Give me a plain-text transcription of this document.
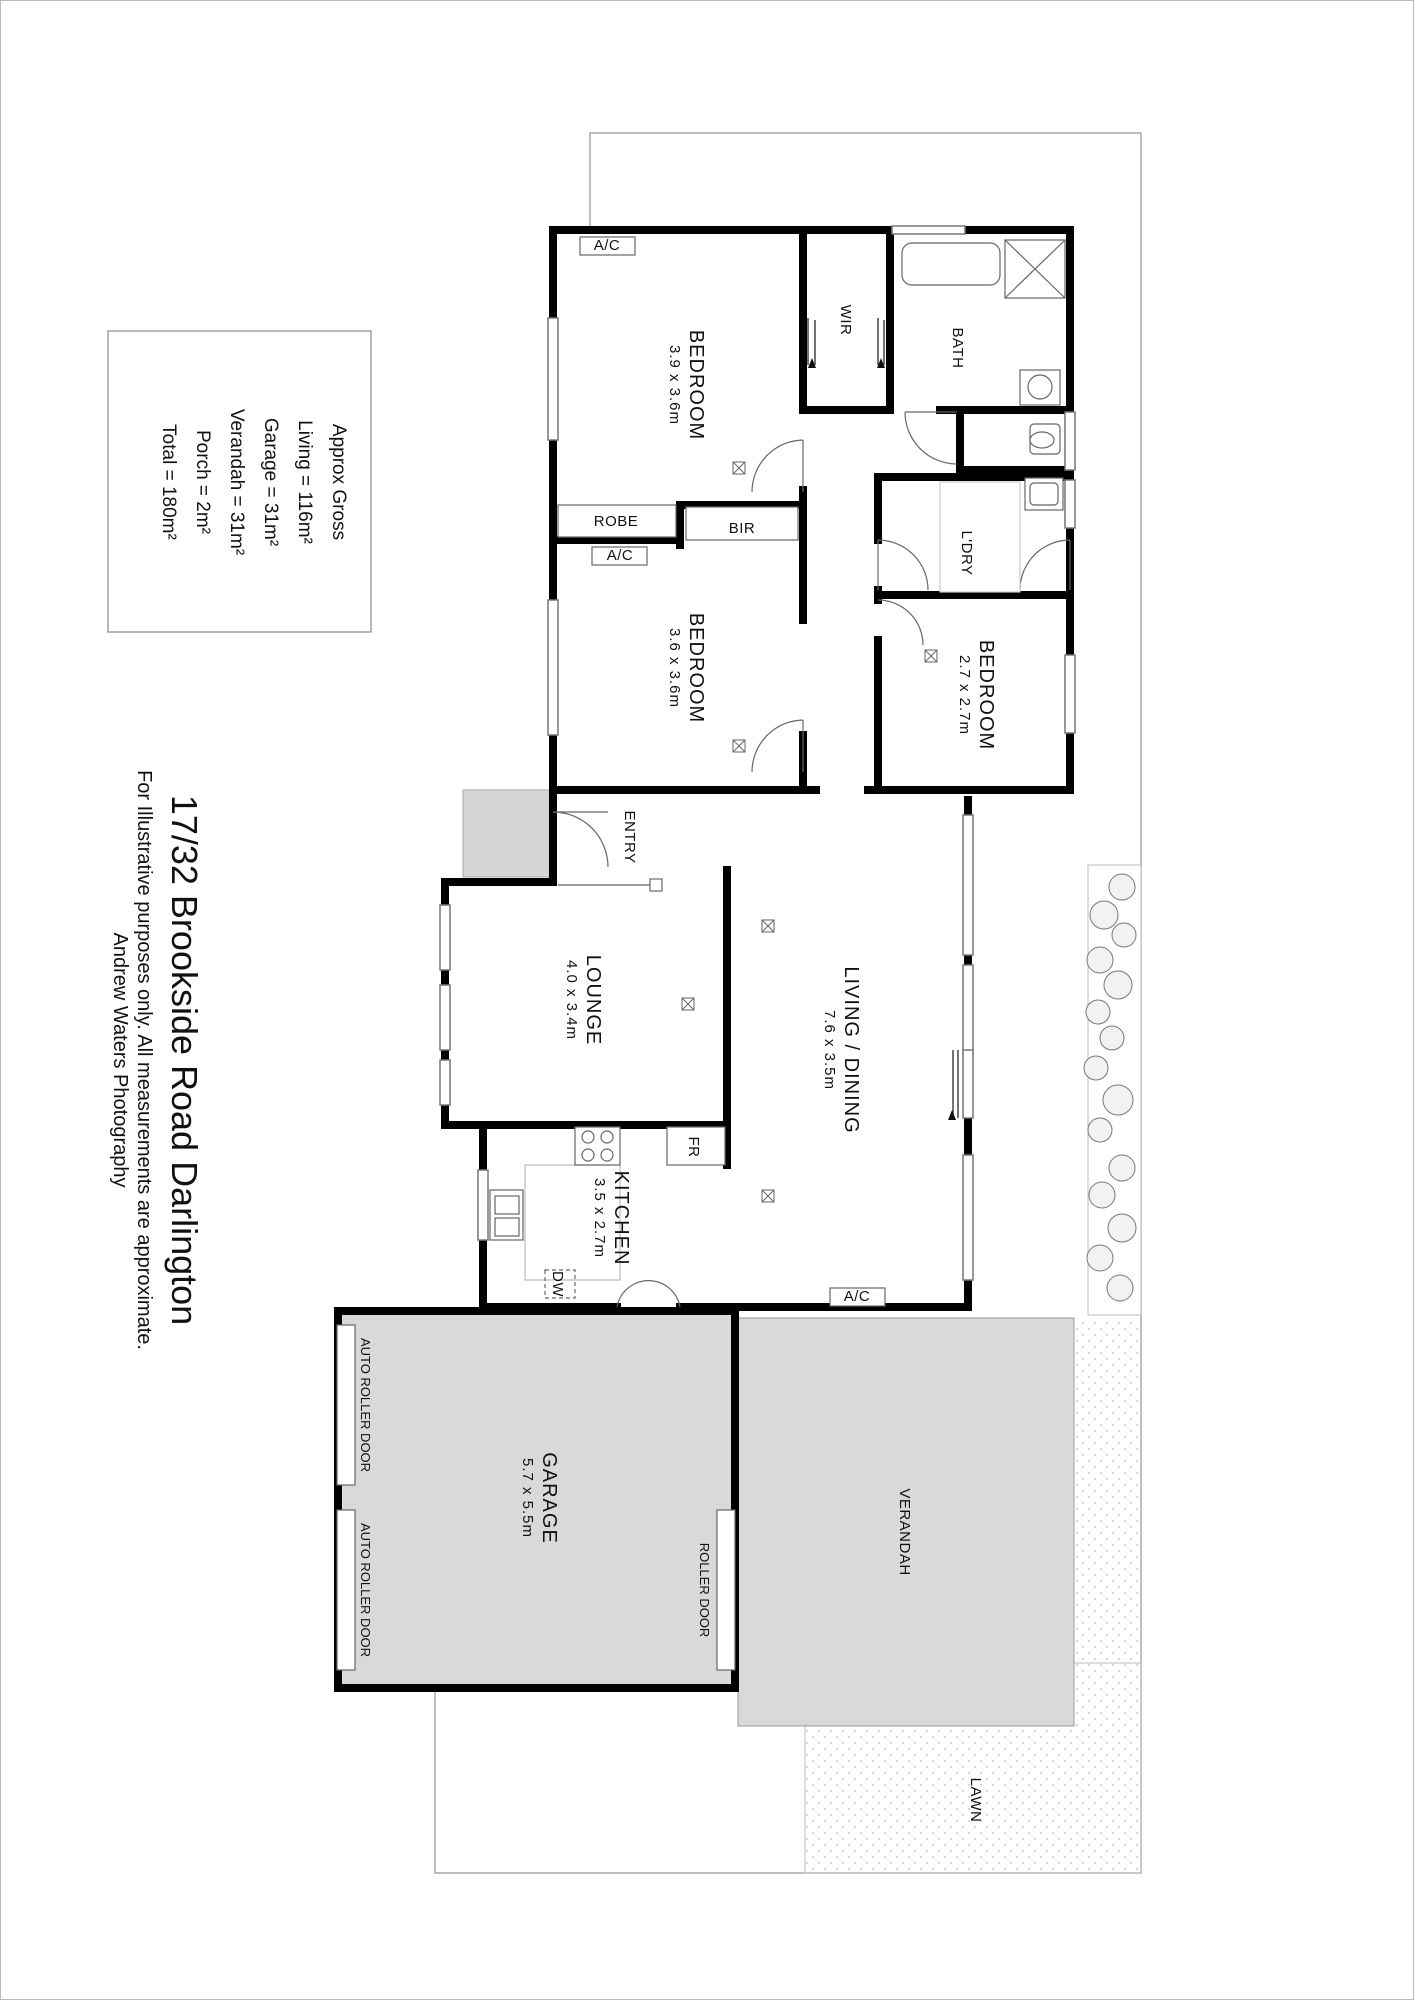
A/C
A/C
A/C
ROBE	BIR
BEDROOM
3.9 x 3.6m
BEDROOM
3.6 x 3.6m	BEDROOM
2.7 x 2.7m
LOUNGE
4.0 x 3.4m	LIVING / DINING
7.6 x 3.5m
KITCHEN
3.5 x 2.7m
GARAGE
5.7 x 5.5m	VERANDAH
LAWN
BATH
WIR
L'DRY
ENTRY
FR
DW
AUTO ROLLER DOOR
AUTO ROLLER DOOR	ROLLER DOOR
17/32 Brookside Road Darlington
For Illustrative purposes only. All measurements are approximate.
Andrew Waters Photography
Approx Gross
Living = 116m²
Garage = 31m²
Verandah = 31m²
Porch = 2m²
Total = 180m²
